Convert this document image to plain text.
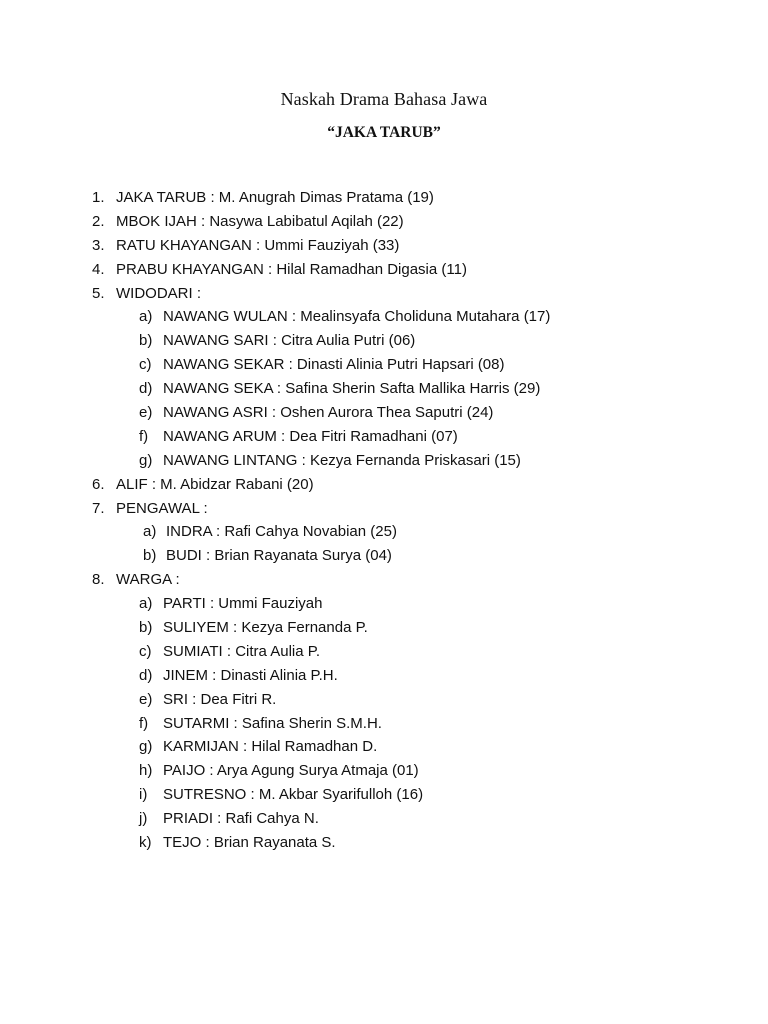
Naskah Drama Bahasa Jawa
“JAKA TARUB”
1. JAKA TARUB : M. Anugrah Dimas Pratama (19)
2. MBOK IJAH : Nasywa Labibatul Aqilah (22)
3. RATU KHAYANGAN : Ummi Fauziyah (33)
4. PRABU KHAYANGAN : Hilal Ramadhan Digasia (11)
5. WIDODARI :
a) NAWANG WULAN : Mealinsyafa Choliduna Mutahara (17)
b) NAWANG SARI : Citra Aulia Putri (06)
c) NAWANG SEKAR : Dinasti Alinia Putri Hapsari (08)
d) NAWANG SEKA : Safina Sherin Safta Mallika Harris (29)
e) NAWANG ASRI : Oshen Aurora Thea Saputri (24)
f) NAWANG ARUM : Dea Fitri Ramadhani (07)
g) NAWANG LINTANG : Kezya Fernanda Priskasari (15)
6. ALIF : M. Abidzar Rabani (20)
7. PENGAWAL :
a) INDRA : Rafi Cahya Novabian (25)
b) BUDI : Brian Rayanata Surya (04)
8. WARGA :
a) PARTI : Ummi Fauziyah
b) SULIYEM : Kezya Fernanda P.
c) SUMIATI : Citra Aulia P.
d) JINEM : Dinasti Alinia P.H.
e) SRI : Dea Fitri R.
f) SUTARMI : Safina Sherin S.M.H.
g) KARMIJAN : Hilal Ramadhan D.
h) PAIJO : Arya Agung Surya Atmaja (01)
i) SUTRESNO : M. Akbar Syarifulloh (16)
j) PRIADI : Rafi Cahya N.
k) TEJO : Brian Rayanata S.
